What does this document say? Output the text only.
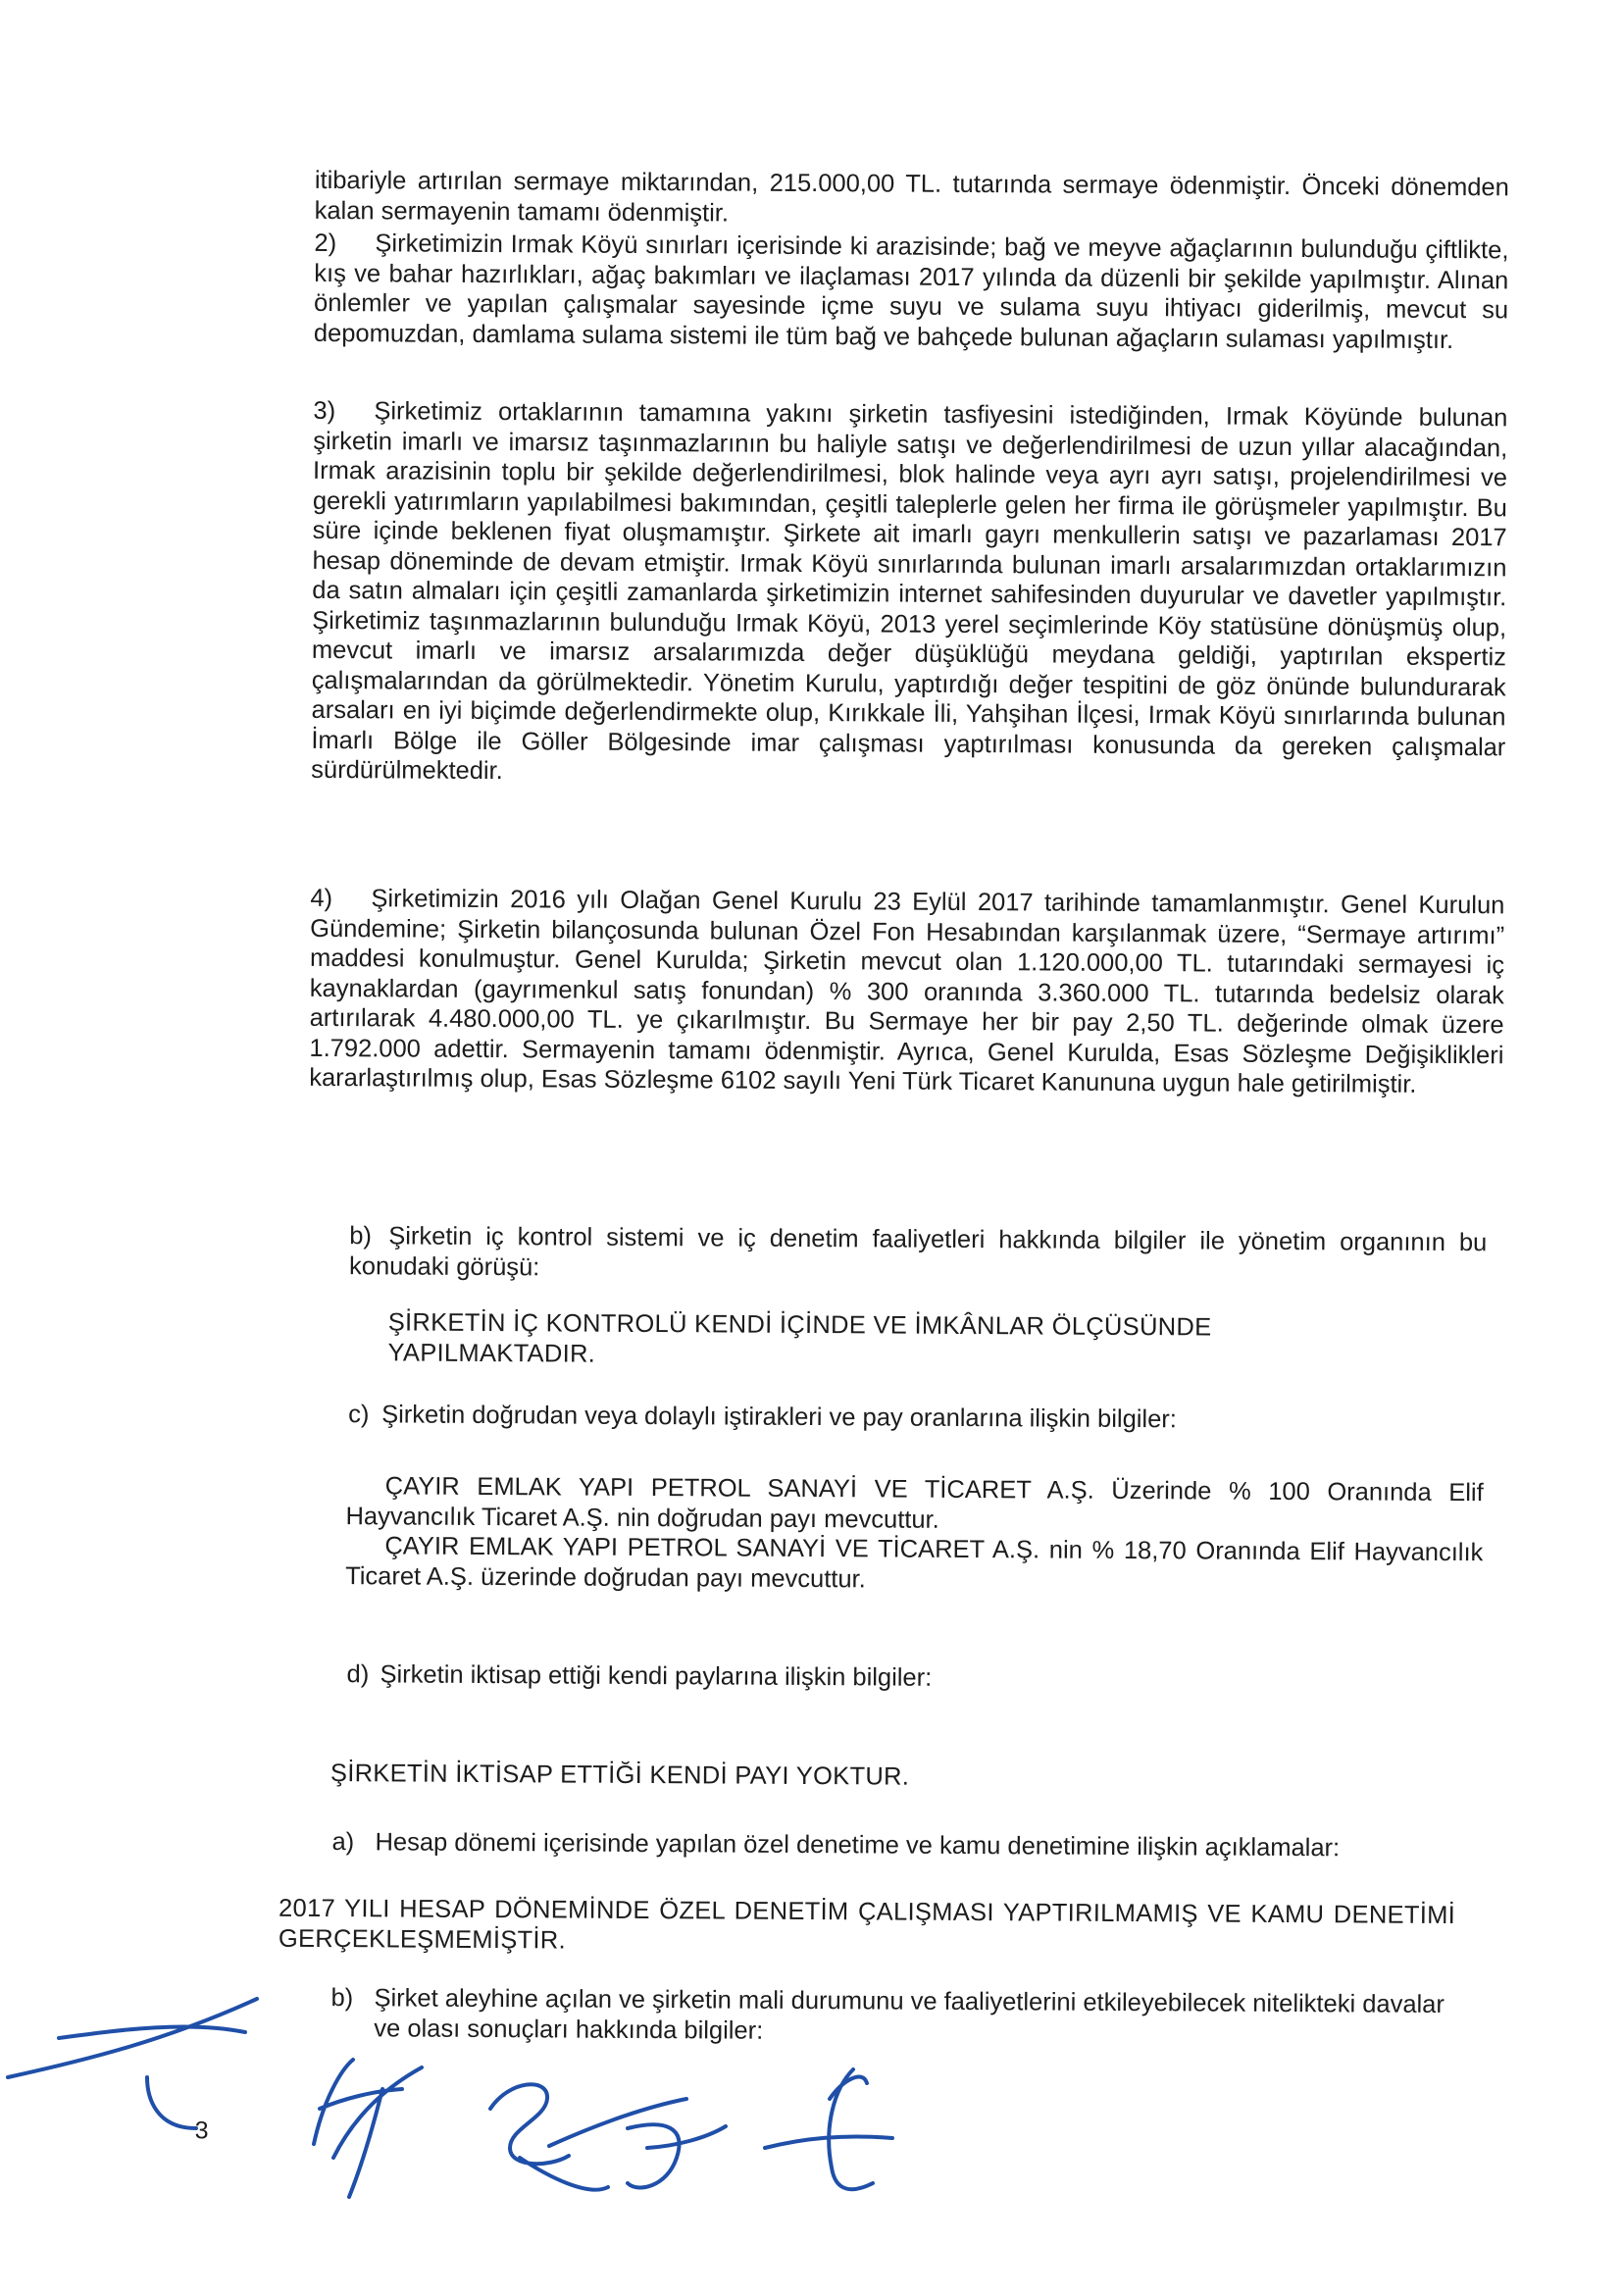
itibariyle artırılan sermaye miktarından, 215.000,00 TL. tutarında sermaye ödenmiştir. Önceki dönemden kalan sermayenin tamamı ödenmiştir.

2) Şirketimizin Irmak Köyü sınırları içerisinde ki arazisinde; bağ ve meyve ağaçlarının bulunduğu çiftlikte, kış ve bahar hazırlıkları, ağaç bakımları ve ilaçlaması 2017 yılında da düzenli bir şekilde yapılmıştır. Alınan önlemler ve yapılan çalışmalar sayesinde içme suyu ve sulama suyu ihtiyacı giderilmiş, mevcut su depomuzdan, damlama sulama sistemi ile tüm bağ ve bahçede bulunan ağaçların sulaması yapılmıştır.

3) Şirketimiz ortaklarının tamamına yakını şirketin tasfiyesini istediğinden, Irmak Köyünde bulunan şirketin imarlı ve imarsız taşınmazlarının bu haliyle satışı ve değerlendirilmesi de uzun yıllar alacağından, Irmak arazisinin toplu bir şekilde değerlendirilmesi, blok halinde veya ayrı ayrı satışı, projelendirilmesi ve gerekli yatırımların yapılabilmesi bakımından, çeşitli taleplerle gelen her firma ile görüşmeler yapılmıştır. Bu süre içinde beklenen fiyat oluşmamıştır. Şirkete ait imarlı gayrı menkullerin satışı ve pazarlaması 2017 hesap döneminde de devam etmiştir. Irmak Köyü sınırlarında bulunan imarlı arsalarımızdan ortaklarımızın da satın almaları için çeşitli zamanlarda şirketimizin internet sahifesinden duyurular ve davetler yapılmıştır. Şirketimiz taşınmazlarının bulunduğu Irmak Köyü, 2013 yerel seçimlerinde Köy statüsüne dönüşmüş olup, mevcut imarlı ve imarsız arsalarımızda değer düşüklüğü meydana geldiği, yaptırılan ekspertiz çalışmalarından da görülmektedir. Yönetim Kurulu, yaptırdığı değer tespitini de göz önünde bulundurarak arsaları en iyi biçimde değerlendirmekte olup, Kırıkkale İli, Yahşihan İlçesi, Irmak Köyü sınırlarında bulunan İmarlı Bölge ile Göller Bölgesinde imar çalışması yaptırılması konusunda da gereken çalışmalar sürdürülmektedir.

4) Şirketimizin 2016 yılı Olağan Genel Kurulu 23 Eylül 2017 tarihinde tamamlanmıştır. Genel Kurulun Gündemine; Şirketin bilançosunda bulunan Özel Fon Hesabından karşılanmak üzere, “Sermaye artırımı” maddesi konulmuştur. Genel Kurulda; Şirketin mevcut olan 1.120.000,00 TL. tutarındaki sermayesi iç kaynaklardan (gayrımenkul satış fonundan) % 300 oranında 3.360.000 TL. tutarında bedelsiz olarak artırılarak 4.480.000,00 TL. ye çıkarılmıştır. Bu Sermaye her bir pay 2,50 TL. değerinde olmak üzere 1.792.000 adettir. Sermayenin tamamı ödenmiştir. Ayrıca, Genel Kurulda, Esas Sözleşme Değişiklikleri kararlaştırılmış olup, Esas Sözleşme 6102 sayılı Yeni Türk Ticaret Kanununa uygun hale getirilmiştir.

b) Şirketin iç kontrol sistemi ve iç denetim faaliyetleri hakkında bilgiler ile yönetim organının bu konudaki görüşü:

ŞİRKETİN İÇ KONTROLÜ KENDİ İÇİNDE VE İMKÂNLAR ÖLÇÜSÜNDE
YAPILMAKTADIR.
c) Şirketin doğrudan veya dolaylı iştirakleri ve pay oranlarına ilişkin bilgiler:

ÇAYIR EMLAK YAPI PETROL SANAYİ VE TİCARET A.Ş. Üzerinde % 100 Oranında Elif Hayvancılık Ticaret A.Ş. nin doğrudan payı mevcuttur.

ÇAYIR EMLAK YAPI PETROL SANAYİ VE TİCARET A.Ş. nin % 18,70 Oranında Elif Hayvancılık Ticaret A.Ş. üzerinde doğrudan payı mevcuttur.

d) Şirketin iktisap ettiği kendi paylarına ilişkin bilgiler:
ŞİRKETİN İKTİSAP ETTİĞİ KENDİ PAYI YOKTUR.
a) Hesap dönemi içerisinde yapılan özel denetime ve kamu denetimine ilişkin açıklamalar:

2017 YILI HESAP DÖNEMİNDE ÖZEL DENETİM ÇALIŞMASI YAPTIRILMAMIŞ VE KAMU DENETİMİ GERÇEKLEŞMEMİŞTİR.

b) Şirket aleyhine açılan ve şirketin mali durumunu ve faaliyetlerini etkileyebilecek nitelikteki davalar ve olası sonuçları hakkında bilgiler:

3
